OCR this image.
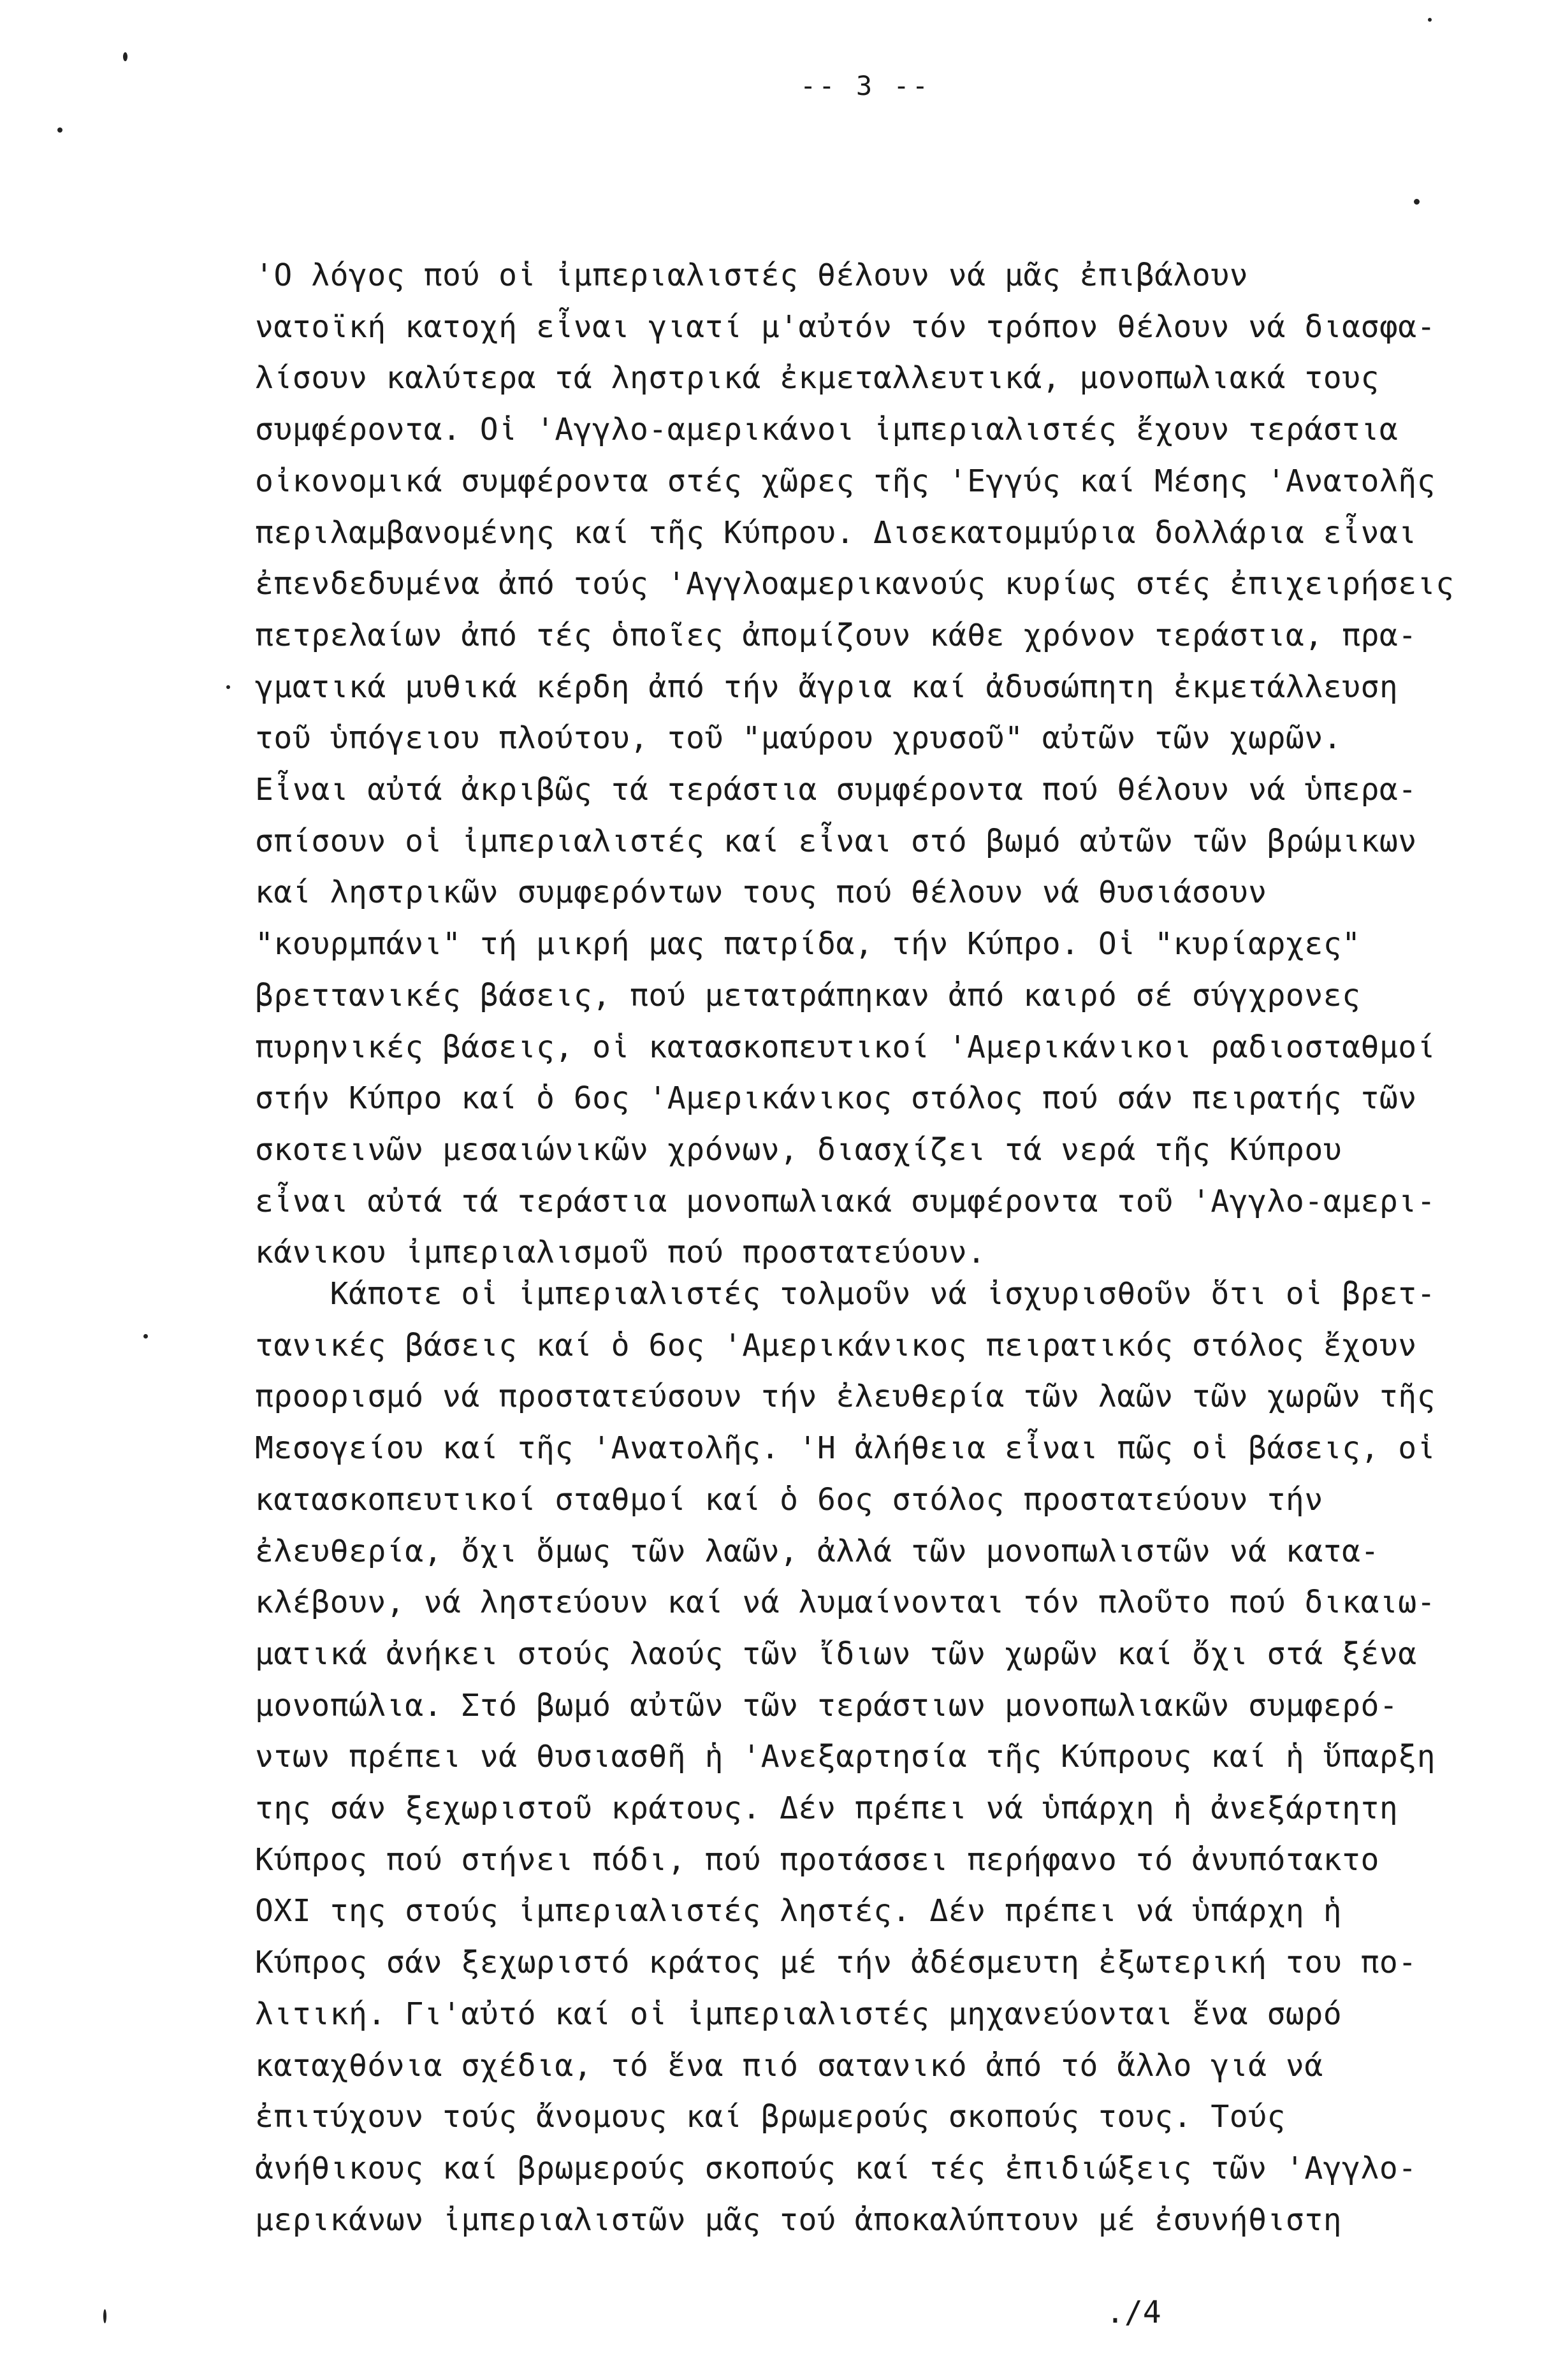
-- 3 --
'Ο λόγος πού οἱ ἰμπεριαλιστές θέλουν νά μᾶς ἐπιβάλουν
νατοϊκή κατοχή εἶναι γιατί μ'αὐτόν τόν τρόπον θέλουν νά διασφα-
λίσουν καλύτερα τά ληστρικά ἐκμεταλλευτικά, μονοπωλιακά τους
συμφέροντα. Οἱ 'Αγγλο-αμερικάνοι ἰμπεριαλιστές ἔχουν τεράστια
οἰκονομικά συμφέροντα στές χῶρες τῆς 'Εγγύς καί Μέσης 'Ανατολῆς
περιλαμβανομένης καί τῆς Κύπρου. Δισεκατομμύρια δολλάρια εἶναι
ἐπενδεδυμένα ἀπό τούς 'Αγγλοαμερικανούς κυρίως στές ἐπιχειρήσεις
πετρελαίων ἀπό τές ὁποῖες ἀπομίζουν κάθε χρόνον τεράστια, πρα-
γματικά μυθικά κέρδη ἀπό τήν ἄγρια καί ἀδυσώπητη ἐκμετάλλευση
τοῦ ὑπόγειου πλούτου, τοῦ "μαύρου χρυσοῦ" αὐτῶν τῶν χωρῶν.
Εἶναι αὐτά ἀκριβῶς τά τεράστια συμφέροντα πού θέλουν νά ὑπερα-
σπίσουν οἱ ἰμπεριαλιστές καί εἶναι στό βωμό αὐτῶν τῶν βρώμικων
καί ληστρικῶν συμφερόντων τους πού θέλουν νά θυσιάσουν
"κουρμπάνι" τή μικρή μας πατρίδα, τήν Κύπρο. Οἱ "κυρίαρχες"
βρεττανικές βάσεις, πού μετατράπηκαν ἀπό καιρό σέ σύγχρονες
πυρηνικές βάσεις, οἱ κατασκοπευτικοί 'Αμερικάνικοι ραδιοσταθμοί
στήν Κύπρο καί ὁ 6ος 'Αμερικάνικος στόλος πού σάν πειρατής τῶν
σκοτεινῶν μεσαιώνικῶν χρόνων, διασχίζει τά νερά τῆς Κύπρου
εἶναι αὐτά τά τεράστια μονοπωλιακά συμφέροντα τοῦ 'Αγγλο-αμερι-
κάνικου ἰμπεριαλισμοῦ πού προστατεύουν.

Κάποτε οἱ ἰμπεριαλιστές τολμοῦν νά ἰσχυρισθοῦν ὅτι οἱ βρετ-
τανικές βάσεις καί ὁ 6ος 'Αμερικάνικος πειρατικός στόλος ἔχουν
προορισμό νά προστατεύσουν τήν ἐλευθερία τῶν λαῶν τῶν χωρῶν τῆς
Μεσογείου καί τῆς 'Ανατολῆς. 'Η ἀλήθεια εἶναι πῶς οἱ βάσεις, οἱ
κατασκοπευτικοί σταθμοί καί ὁ 6ος στόλος προστατεύουν τήν
ἐλευθερία, ὄχι ὅμως τῶν λαῶν, ἀλλά τῶν μονοπωλιστῶν νά κατα-
κλέβουν, νά ληστεύουν καί νά λυμαίνονται τόν πλοῦτο πού δικαιω-
ματικά ἀνήκει στούς λαούς τῶν ἴδιων τῶν χωρῶν καί ὄχι στά ξένα
μονοπώλια. Στό βωμό αὐτῶν τῶν τεράστιων μονοπωλιακῶν συμφερό-
ντων πρέπει νά θυσιασθῆ ἡ 'Ανεξαρτησία τῆς Κύπρους καί ἡ ὕπαρξη
της σάν ξεχωριστοῦ κράτους. Δέν πρέπει νά ὑπάρχη ἡ ἀνεξάρτητη
Κύπρος πού στήνει πόδι, πού προτάσσει περήφανο τό ἀνυπότακτο
ΟΧΙ της στούς ἰμπεριαλιστές ληστές. Δέν πρέπει νά ὑπάρχη ἡ
Κύπρος σάν ξεχωριστό κράτος μέ τήν ἀδέσμευτη ἐξωτερική του πο-
λιτική. Γι'αὐτό καί οἱ ἰμπεριαλιστές μηχανεύονται ἕνα σωρό
καταχθόνια σχέδια, τό ἕνα πιό σατανικό ἀπό τό ἄλλο γιά νά
ἐπιτύχουν τούς ἄνομους καί βρωμερούς σκοπούς τους. Τούς
ἀνήθικους καί βρωμερούς σκοπούς καί τές ἐπιδιώξεις τῶν 'Αγγλο-
μερικάνων ἰμπεριαλιστῶν μᾶς τού ἀποκαλύπτουν μέ ἐσυνήθιστη

./4
